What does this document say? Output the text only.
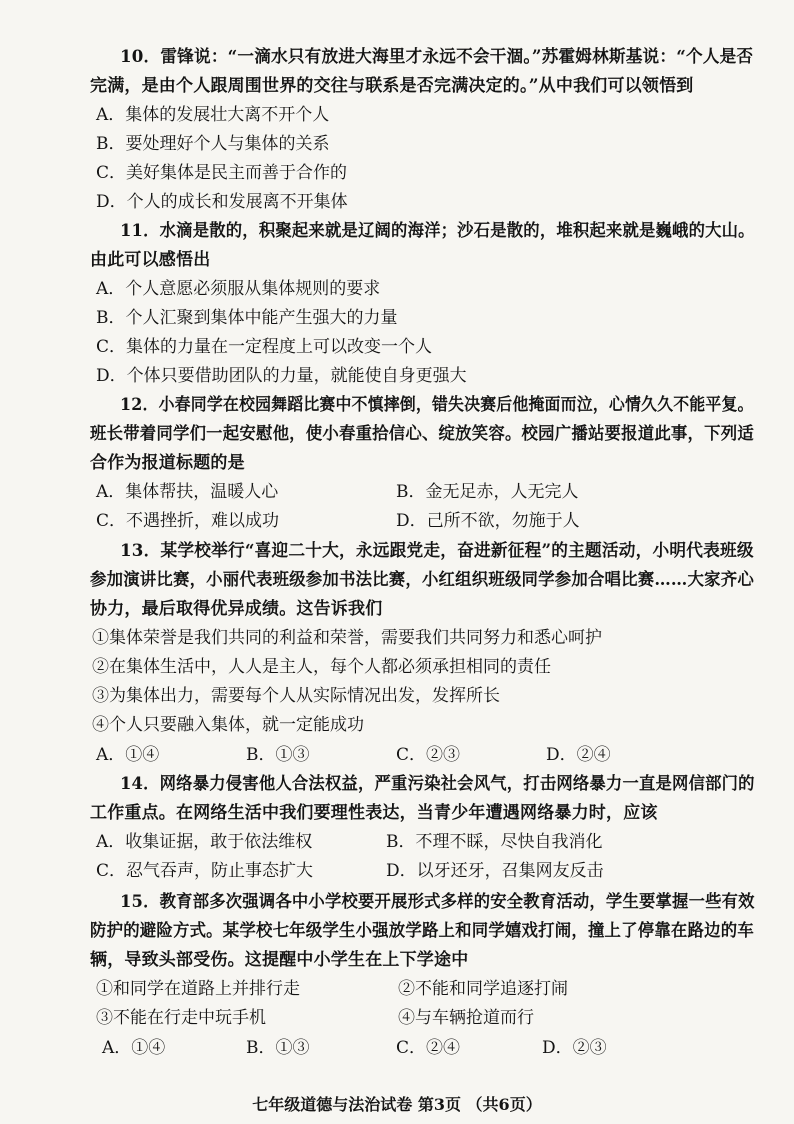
10．雷锋说：“一滴水只有放进大海里才永远不会干涸。”苏霍姆林斯基说：“个人是否
完满，是由个人跟周围世界的交往与联系是否完满决定的。”从中我们可以领悟到
A．集体的发展壮大离不开个人
B．要处理好个人与集体的关系
C．美好集体是民主而善于合作的
D．个人的成长和发展离不开集体
11．水滴是散的，积聚起来就是辽阔的海洋；沙石是散的，堆积起来就是巍峨的大山。
由此可以感悟出
A．个人意愿必须服从集体规则的要求
B．个人汇聚到集体中能产生强大的力量
C．集体的力量在一定程度上可以改变一个人
D．个体只要借助团队的力量，就能使自身更强大
12．小春同学在校园舞蹈比赛中不慎摔倒，错失决赛后他掩面而泣，心情久久不能平复。
班长带着同学们一起安慰他，使小春重拾信心、绽放笑容。校园广播站要报道此事，下列适
合作为报道标题的是
A．集体帮扶，温暖人心	B．金无足赤，人无完人
C．不遇挫折，难以成功	D．己所不欲，勿施于人
13．某学校举行“喜迎二十大，永远跟党走，奋进新征程”的主题活动，小明代表班级
参加演讲比赛，小丽代表班级参加书法比赛，小红组织班级同学参加合唱比赛……大家齐心
协力，最后取得优异成绩。这告诉我们
①集体荣誉是我们共同的利益和荣誉，需要我们共同努力和悉心呵护
②在集体生活中，人人是主人，每个人都必须承担相同的责任
③为集体出力，需要每个人从实际情况出发，发挥所长
④个人只要融入集体，就一定能成功
A．①④	B．①③	C．②③	D．②④
14．网络暴力侵害他人合法权益，严重污染社会风气，打击网络暴力一直是网信部门的
工作重点。在网络生活中我们要理性表达，当青少年遭遇网络暴力时，应该
A．收集证据，敢于依法维权	B．不理不睬，尽快自我消化
C．忍气吞声，防止事态扩大	D．以牙还牙，召集网友反击
15．教育部多次强调各中小学校要开展形式多样的安全教育活动，学生要掌握一些有效
防护的避险方式。某学校七年级学生小强放学路上和同学嬉戏打闹，撞上了停靠在路边的车
辆，导致头部受伤。这提醒中小学生在上下学途中
①和同学在道路上并排行走	②不能和同学追逐打闹
③不能在行走中玩手机	④与车辆抢道而行
A．①④	B．①③	C．②④	D．②③
七年级道德与法治试卷 第3页 （共6页）
